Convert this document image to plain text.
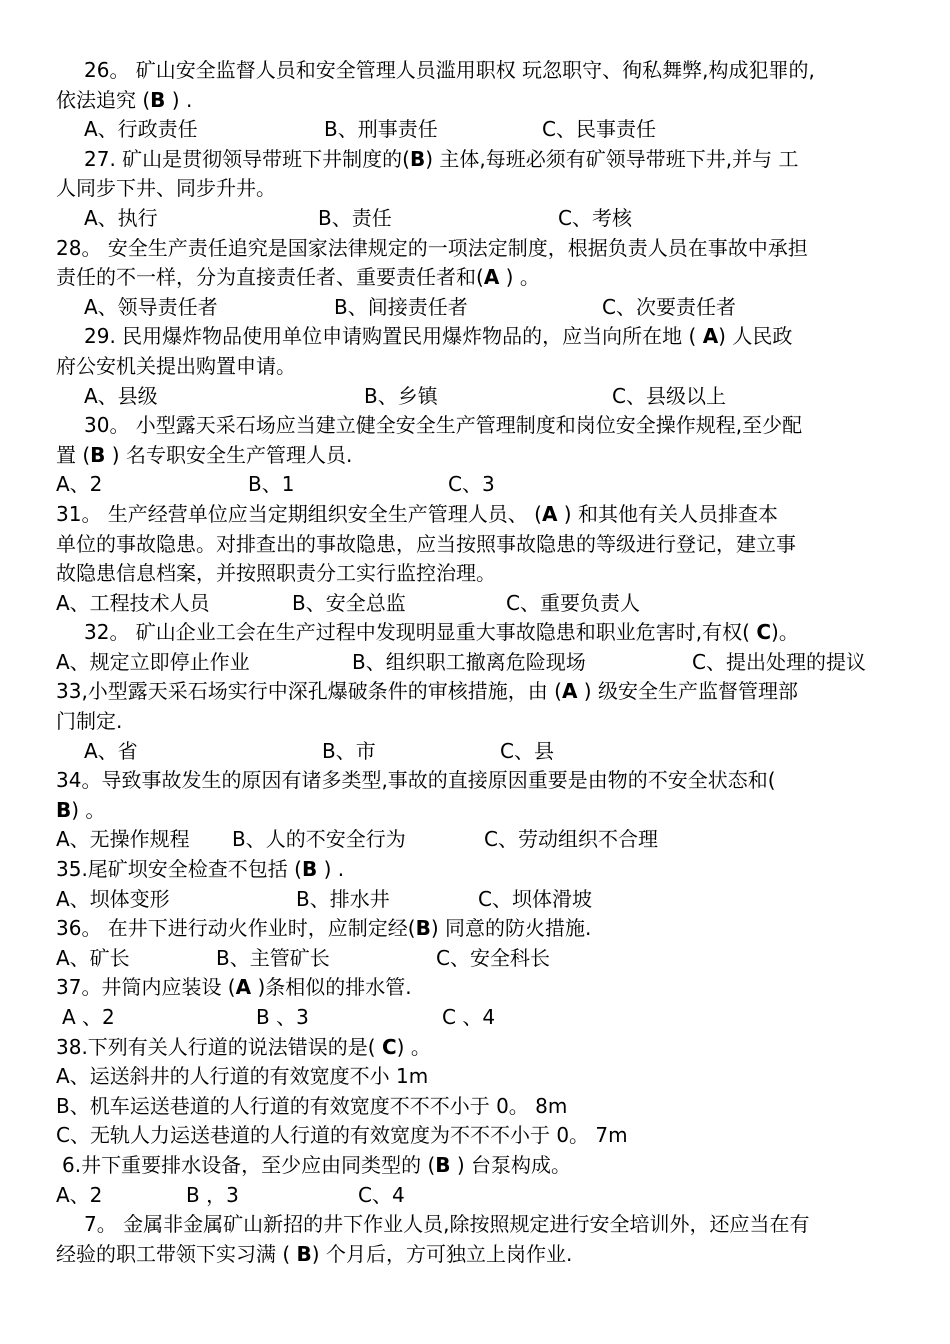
26。 矿山安全监督人员和安全管理人员滥用职权 玩忽职守、徇私舞弊,构成犯罪的,
依法追究 (B ) .
A、行政责任	B、刑事责任	C、民事责任
27. 矿山是贯彻领导带班下井制度的(B) 主体,每班必须有矿领导带班下井,并与 工
人同步下井、同步升井。
A、执行	B、责任	C、考核
28。 安全生产责任追究是国家法律规定的一项法定制度，根据负责人员在事故中承担
责任的不一样，分为直接责任者、重要责任者和(A ) 。
A、领导责任者	B、间接责任者	C、次要责任者
29. 民用爆炸物品使用单位申请购置民用爆炸物品的，应当向所在地 ( A) 人民政
府公安机关提出购置申请。
A、县级	B、乡镇	C、县级以上
30。 小型露天采石场应当建立健全安全生产管理制度和岗位安全操作规程,至少配
置 (B ) 名专职安全生产管理人员.
A、2	B、1	C、3
31。 生产经营单位应当定期组织安全生产管理人员、 (A ) 和其他有关人员排查本
单位的事故隐患。对排查出的事故隐患，应当按照事故隐患的等级进行登记，建立事
故隐患信息档案，并按照职责分工实行监控治理。
A、工程技术人员	B、安全总监	C、重要负责人
32。 矿山企业工会在生产过程中发现明显重大事故隐患和职业危害时,有权( C)。
A、规定立即停止作业	B、组织职工撤离危险现场	C、提出处理的提议
33,小型露天采石场实行中深孔爆破条件的审核措施，由 (A ) 级安全生产监督管理部
门制定.
A、省	B、市	C、县
34。导致事故发生的原因有诸多类型,事故的直接原因重要是由物的不安全状态和(
B) 。
A、无操作规程	B、人的不安全行为	C、劳动组织不合理
35.尾矿坝安全检查不包括 (B ) .
A、坝体变形	B、排水井	C、坝体滑坡
36。 在井下进行动火作业时，应制定经(B) 同意的防火措施.
A、矿长	B、主管矿长	C、安全科长
37。井筒内应装设 (A )条相似的排水管.
A 、2	B 、3	C 、4
38.下列有关人行道的说法错误的是( C) 。
A、运送斜井的人行道的有效宽度不小 1m
B、机车运送巷道的人行道的有效宽度不不不小于 0。 8m
C、无轨人力运送巷道的人行道的有效宽度为不不不小于 0。 7m
6.井下重要排水设备，至少应由同类型的 (B ) 台泵构成。
A、2	B ，3	C、4
7。 金属非金属矿山新招的井下作业人员,除按照规定进行安全培训外，还应当在有
经验的职工带领下实习满 ( B) 个月后，方可独立上岗作业.
